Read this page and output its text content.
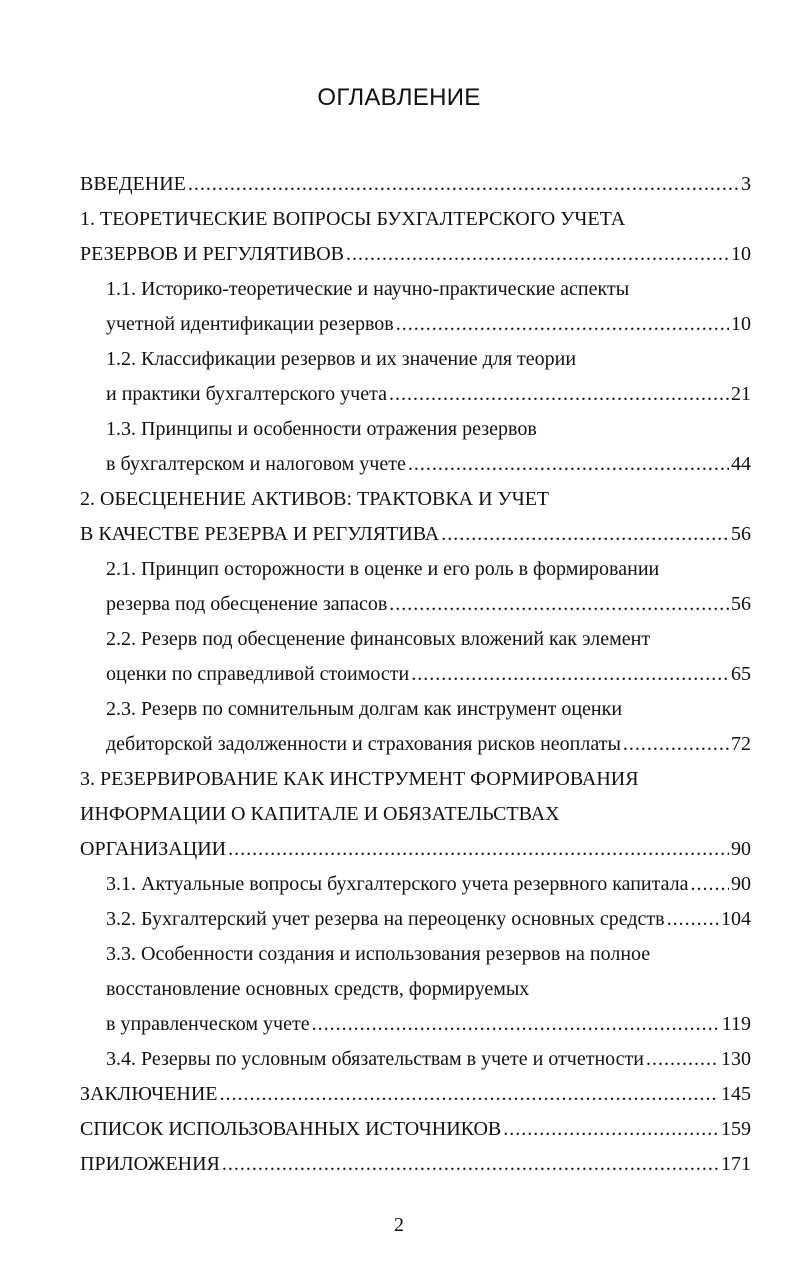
ОГЛАВЛЕНИЕ
ВВЕДЕНИЕ .....	3
1. ТЕОРЕТИЧЕСКИЕ ВОПРОСЫ БУХГАЛТЕРСКОГО УЧЕТА
РЕЗЕРВОВ И РЕГУЛЯТИВОВ .....	10
1.1. Историко-теоретические и научно-практические аспекты
учетной идентификации резервов .....	10
1.2. Классификации резервов и их значение для теории
и практики бухгалтерского учета .....	21
1.3. Принципы и особенности отражения резервов
в бухгалтерском и налоговом учете .....	44
2. ОБЕСЦЕНЕНИЕ АКТИВОВ: ТРАКТОВКА И УЧЕТ
В КАЧЕСТВЕ РЕЗЕРВА И РЕГУЛЯТИВА .....	56
2.1. Принцип осторожности в оценке и его роль в формировании
резерва под обесценение запасов .....	56
2.2. Резерв под обесценение финансовых вложений как элемент
оценки по справедливой стоимости .....	65
2.3. Резерв по сомнительным долгам как инструмент оценки
дебиторской задолженности и страхования рисков неоплаты .....	72
3. РЕЗЕРВИРОВАНИЕ КАК ИНСТРУМЕНТ ФОРМИРОВАНИЯ
ИНФОРМАЦИИ О КАПИТАЛЕ И ОБЯЗАТЕЛЬСТВАХ
ОРГАНИЗАЦИИ .....	90
3.1. Актуальные вопросы бухгалтерского учета резервного капитала ..... 90
3.2. Бухгалтерский учет резерва на переоценку основных средств .....	104
3.3. Особенности создания и использования резервов на полное
восстановление основных средств, формируемых
в управленческом учете .....	119
3.4. Резервы по условным обязательствам в учете и отчетности .....	130
ЗАКЛЮЧЕНИЕ .....	145
СПИСОК ИСПОЛЬЗОВАННЫХ ИСТОЧНИКОВ .....	159
ПРИЛОЖЕНИЯ .....	171
2
